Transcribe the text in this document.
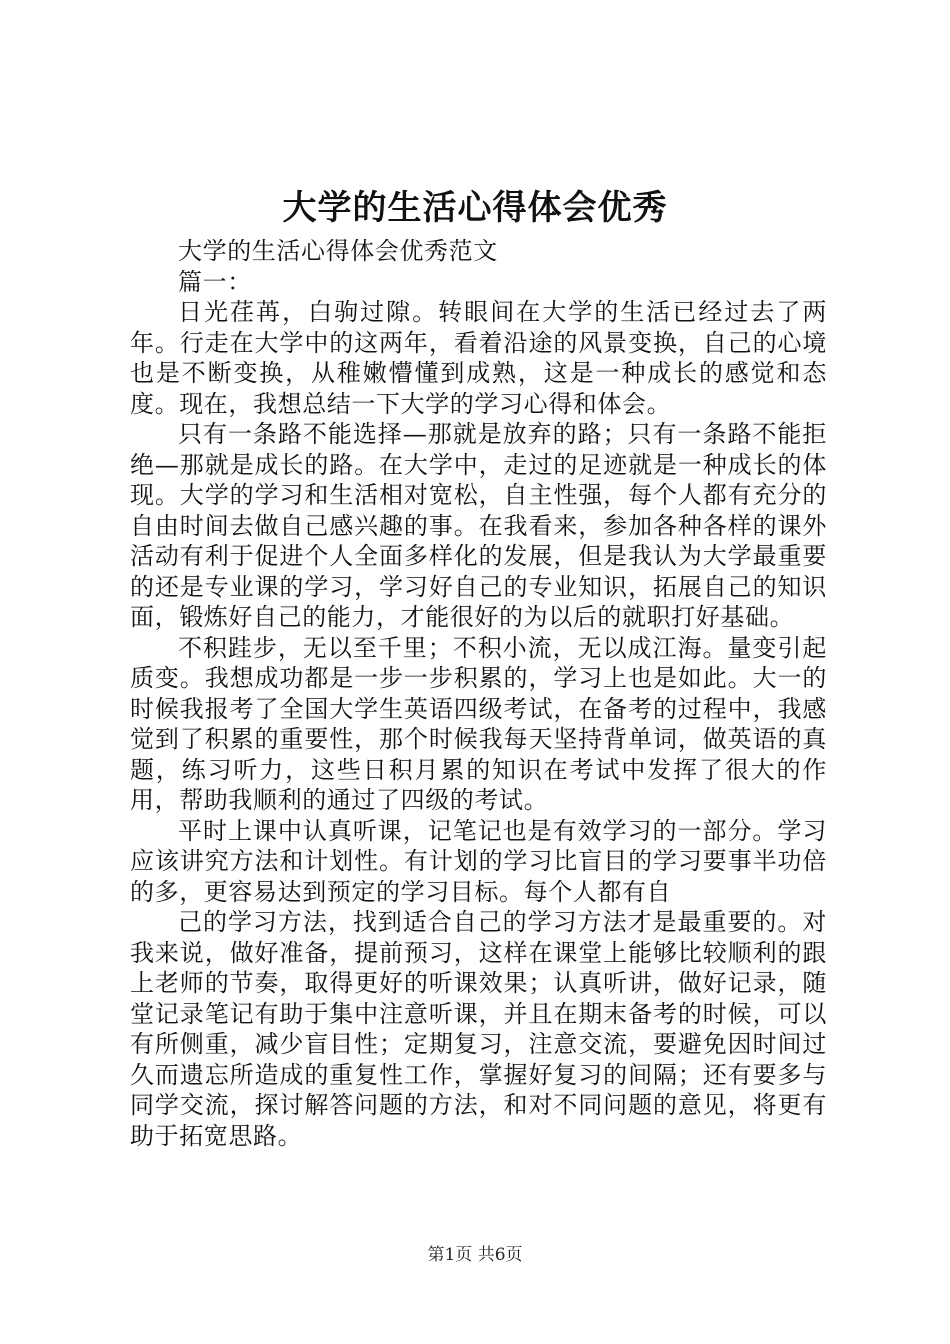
大学的生活心得体会优秀

大学的生活心得体会优秀范文

篇一：

日光荏苒，白驹过隙。转眼间在大学的生活已经过去了两年。行走在大学中的这两年，看着沿途的风景变换，自己的心境也是不断变换，从稚嫩懵懂到成熟，这是一种成长的感觉和态度。现在，我想总结一下大学的学习心得和体会。

只有一条路不能选择—那就是放弃的路；只有一条路不能拒绝—那就是成长的路。在大学中，走过的足迹就是一种成长的体现。大学的学习和生活相对宽松，自主性强，每个人都有充分的自由时间去做自己感兴趣的事。在我看来，参加各种各样的课外活动有利于促进个人全面多样化的发展，但是我认为大学最重要的还是专业课的学习，学习好自己的专业知识，拓展自己的知识面，锻炼好自己的能力，才能很好的为以后的就职打好基础。

不积跬步，无以至千里；不积小流，无以成江海。量变引起质变。我想成功都是一步一步积累的，学习上也是如此。大一的时候我报考了全国大学生英语四级考试，在备考的过程中，我感觉到了积累的重要性，那个时候我每天坚持背单词，做英语的真题，练习听力，这些日积月累的知识在考试中发挥了很大的作用，帮助我顺利的通过了四级的考试。

平时上课中认真听课，记笔记也是有效学习的一部分。学习应该讲究方法和计划性。有计划的学习比盲目的学习要事半功倍的多，更容易达到预定的学习目标。每个人都有自

己的学习方法，找到适合自己的学习方法才是最重要的。对我来说，做好准备，提前预习，这样在课堂上能够比较顺利的跟上老师的节奏，取得更好的听课效果；认真听讲，做好记录，随堂记录笔记有助于集中注意听课，并且在期末备考的时候，可以有所侧重，减少盲目性；定期复习，注意交流，要避免因时间过久而遗忘所造成的重复性工作，掌握好复习的间隔；还有要多与同学交流，探讨解答问题的方法，和对不同问题的意见，将更有助于拓宽思路。

第1页 共6页
